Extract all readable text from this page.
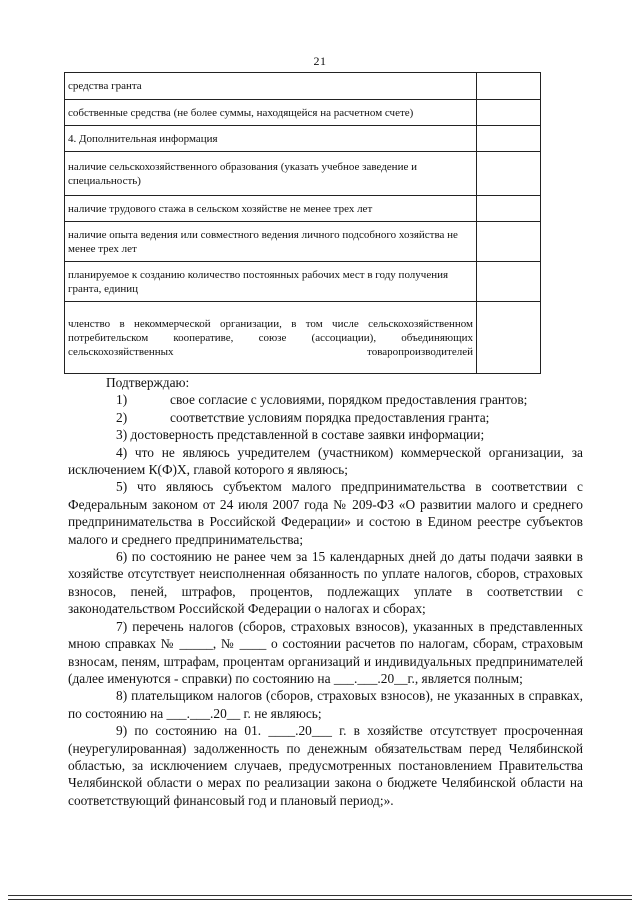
21
средства гранта	
собственные средства (не более суммы, находящейся на расчетном счете)	
4. Дополнительная информация	
наличие сельскохозяйственного образования (указать учебное заведение и специальность)	
наличие трудового стажа в сельском хозяйстве не менее трех лет	
наличие опыта ведения или совместного ведения личного подсобного хозяйства не менее трех лет	
планируемое к созданию количество постоянных рабочих мест в году получения гранта, единиц	
членство в некоммерческой организации, в том числе сельскохозяйственном потребительском кооперативе, союзе (ассоциации), объединяющих сельскохозяйственных товаропроизводителей	

Подтверждаю:

1)	свое согласие с условиями, порядком предоставления грантов;

2)	соответствие условиям порядка предоставления гранта;

3) достоверность представленной в составе заявки информации;

4) что не являюсь учредителем (участником) коммерческой организации, за исключением К(Ф)Х, главой которого я являюсь;

5) что являюсь субъектом малого предпринимательства в соответствии с Федеральным законом от 24 июля 2007 года № 209-ФЗ «О развитии малого и среднего предпринимательства в Российской Федерации» и состою в Едином реестре субъектов малого и среднего предпринимательства;

6) по состоянию не ранее чем за 15 календарных дней до даты подачи заявки в хозяйстве отсутствует неисполненная обязанность по уплате налогов, сборов, страховых взносов, пеней, штрафов, процентов, подлежащих уплате в соответствии с законодательством Российской Федерации о налогах и сборах;

7) перечень налогов (сборов, страховых взносов), указанных в представленных мною справках № _____, № ____ о состоянии расчетов по налогам, сборам, страховым взносам, пеням, штрафам, процентам организаций и индивидуальных предпринимателей (далее именуются - справки) по состоянию на ___.___.20__г., является полным;

8) плательщиком налогов (сборов, страховых взносов), не указанных в справках, по состоянию на ___.___.20__ г. не являюсь;

9) по состоянию на 01. ____.20___ г. в хозяйстве отсутствует просроченная (неурегулированная) задолженность по денежным обязательствам перед Челябинской областью, за исключением случаев, предусмотренных постановлением Правительства Челябинской области о мерах по реализации закона о бюджете Челябинской области на соответствующий финансовый год и плановый период;».
